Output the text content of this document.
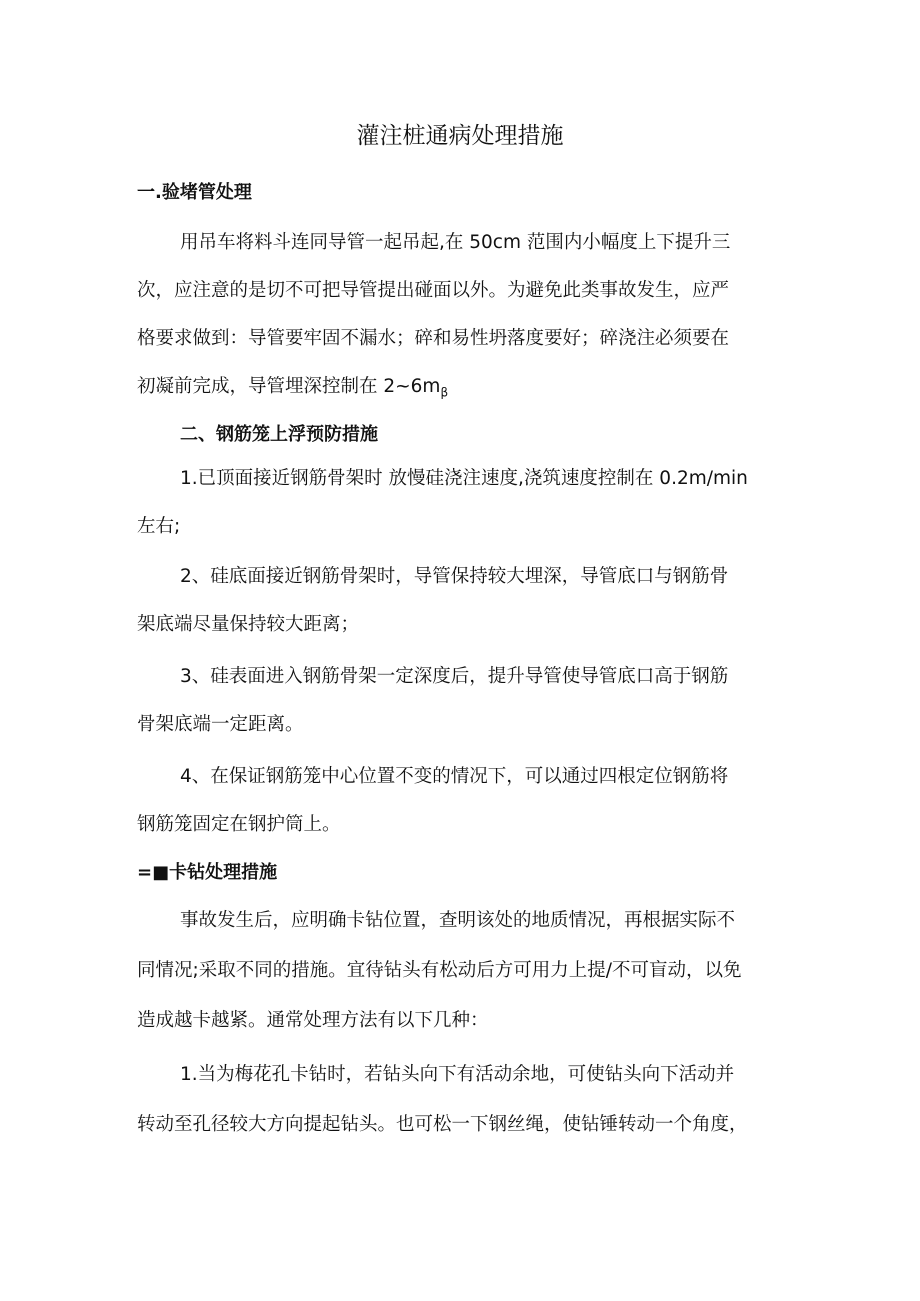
灌注桩通病处理措施
一.验堵管处理
用吊车将料斗连同导管一起吊起,在 50cm 范围内小幅度上下提升三
次，应注意的是切不可把导管提出碰面以外。为避免此类事故发生，应严
格要求做到：导管要牢固不漏水；碎和易性坍落度要好；碎浇注必须要在
初凝前完成，导管埋深控制在 $2\sim 6m_\beta$
二、钢筋笼上浮预防措施
1.已顶面接近钢筋骨架时 放慢硅浇注速度,浇筑速度控制在 0.2m/min
左右;
2、硅底面接近钢筋骨架时，导管保持较大埋深，导管底口与钢筋骨
架底端尽量保持较大距离；
3、硅表面进入钢筋骨架一定深度后，提升导管使导管底口高于钢筋
骨架底端一定距离。
4、在保证钢筋笼中心位置不变的情况下，可以通过四根定位钢筋将
钢筋笼固定在钢护筒上。
=■卡钻处理措施
事故发生后，应明确卡钻位置，查明该处的地质情况，再根据实际不
同情况;采取不同的措施。宜待钻头有松动后方可用力上提/不可盲动，以免
造成越卡越紧。通常处理方法有以下几种：
1.当为梅花孔卡钻时，若钻头向下有活动余地，可使钻头向下活动并
转动至孔径较大方向提起钻头。也可松一下钢丝绳，使钻锤转动一个角度，
